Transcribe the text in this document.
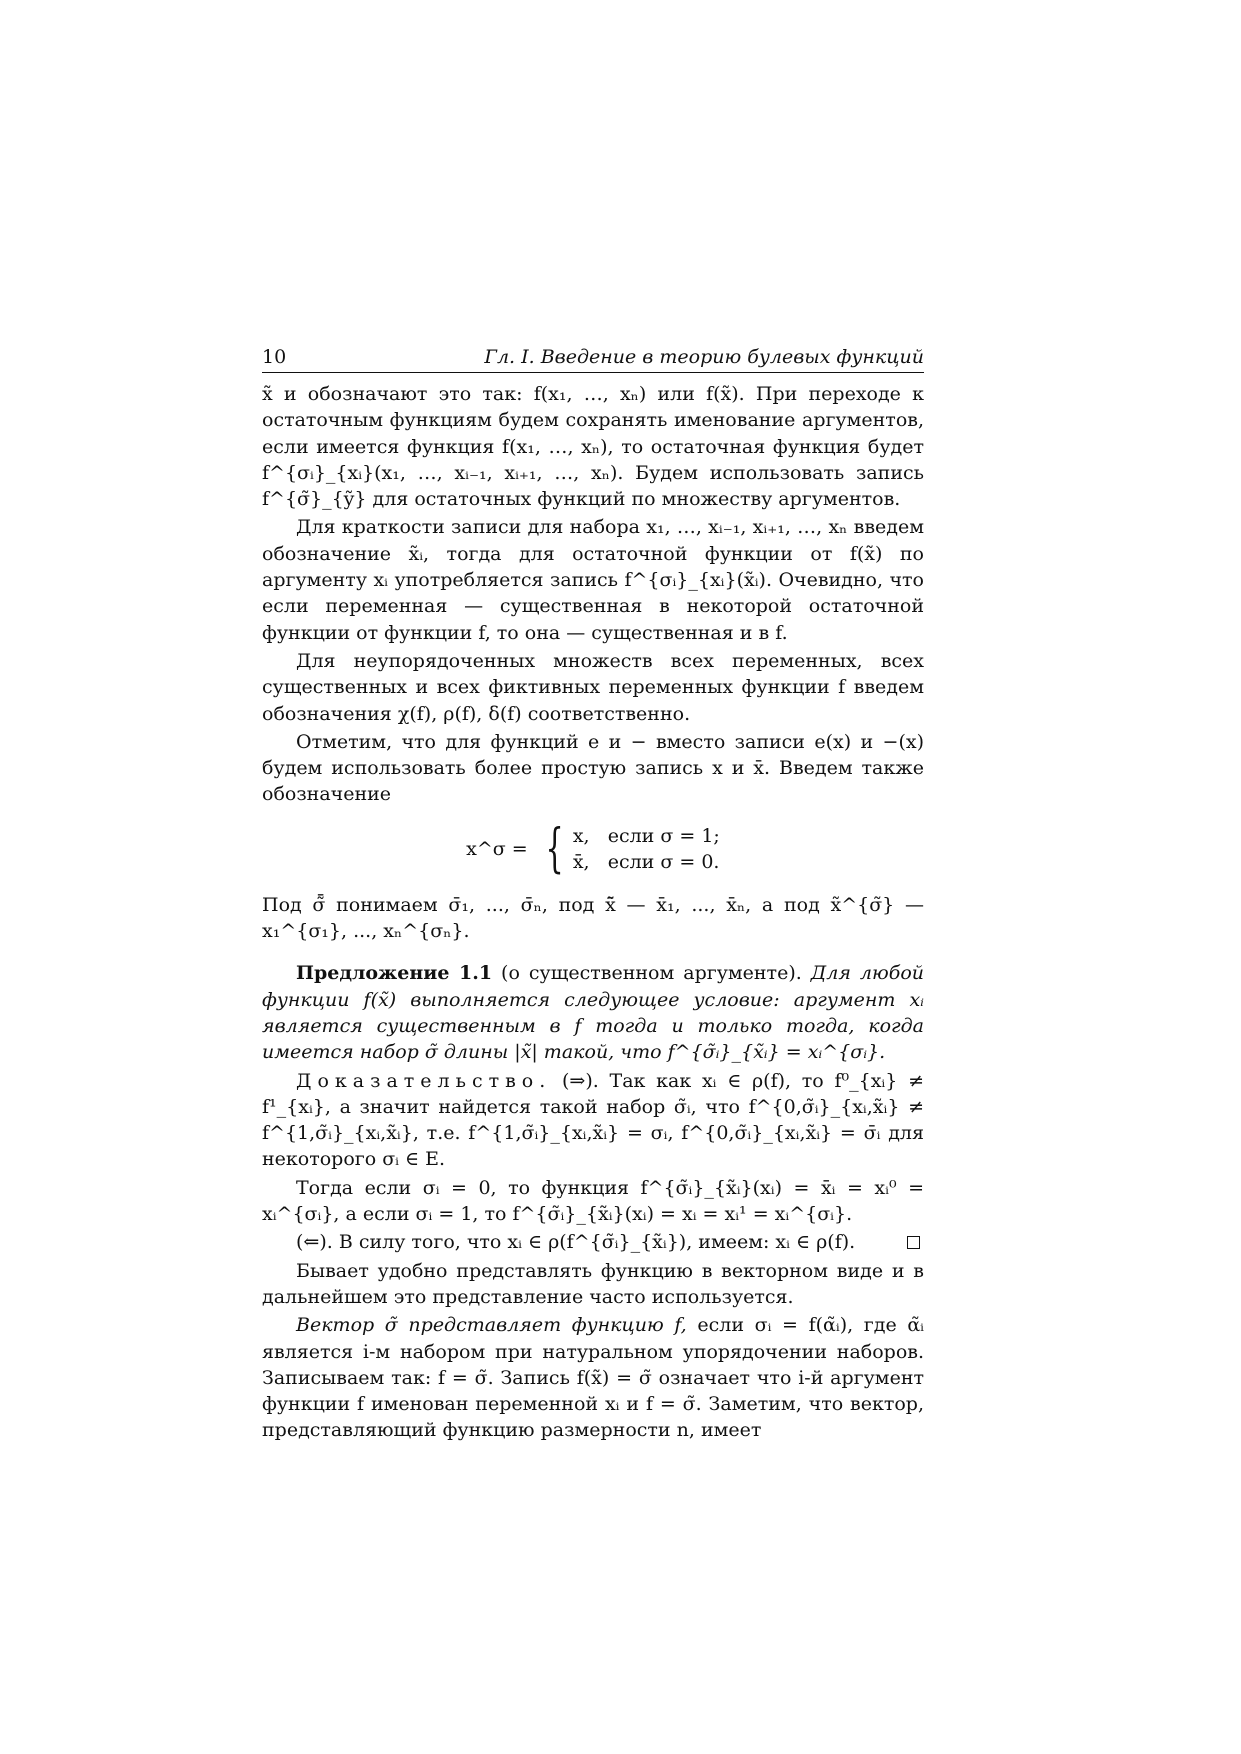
10	Гл. I. Введение в теорию булевых функций

x̃ и обозначают это так: f(x₁, …, xₙ) или f(x̃). При переходе к остаточным функциям будем сохранять именование аргументов, если имеется функция f(x₁, …, xₙ), то остаточная функция будет f^{σᵢ}_{xᵢ}(x₁, …, xᵢ₋₁, xᵢ₊₁, …, xₙ). Будем использовать запись f^{σ̃}_{ỹ} для остаточных функций по множеству аргументов.

Для краткости записи для набора x₁, …, xᵢ₋₁, xᵢ₊₁, …, xₙ введем обозначение x̃ᵢ, тогда для остаточной функции от f(x̃) по аргументу xᵢ употребляется запись f^{σᵢ}_{xᵢ}(x̃ᵢ). Очевидно, что если переменная — существенная в некоторой остаточной функции от функции f, то она — существенная и в f.

Для неупорядоченных множеств всех переменных, всех существенных и всех фиктивных переменных функции f введем обозначения χ(f), ρ(f), δ(f) соответственно.

Отметим, что для функций e и − вместо записи e(x) и −(x) будем использовать более простую запись x и x̄. Введем также обозначение

x^σ = { x,   если σ = 1;
x̄,   если σ = 0.

Под σ̃̄ понимаем σ̄₁, ..., σ̄ₙ, под x̃̄ — x̄₁, ..., x̄ₙ, а под x̃^{σ̃} — x₁^{σ₁}, ..., xₙ^{σₙ}.

Предложение 1.1 (о существенном аргументе). Для любой функции f(x̃) выполняется следующее условие: аргумент xᵢ является существенным в f тогда и только тогда, когда имеется набор σ̃ длины |x̃| такой, что f^{σ̃ᵢ}_{x̃ᵢ} = xᵢ^{σᵢ}.

Доказательство. (⇒). Так как xᵢ ∈ ρ(f), то f⁰_{xᵢ} ≠ f¹_{xᵢ}, а значит найдется такой набор σ̃ᵢ, что f^{0,σ̃ᵢ}_{xᵢ,x̃ᵢ} ≠ f^{1,σ̃ᵢ}_{xᵢ,x̃ᵢ}, т.е. f^{1,σ̃ᵢ}_{xᵢ,x̃ᵢ} = σᵢ, f^{0,σ̃ᵢ}_{xᵢ,x̃ᵢ} = σ̄ᵢ для некоторого σᵢ ∈ E.

Тогда если σᵢ = 0, то функция f^{σ̃ᵢ}_{x̃ᵢ}(xᵢ) = x̄ᵢ = xᵢ⁰ = xᵢ^{σᵢ}, а если σᵢ = 1, то f^{σ̃ᵢ}_{x̃ᵢ}(xᵢ) = xᵢ = xᵢ¹ = xᵢ^{σᵢ}.

(⇐). В силу того, что xᵢ ∈ ρ(f^{σ̃ᵢ}_{x̃ᵢ}), имеем: xᵢ ∈ ρ(f).

Бывает удобно представлять функцию в векторном виде и в дальнейшем это представление часто используется.

Вектор σ̃ представляет функцию f, если σᵢ = f(α̃ᵢ), где α̃ᵢ является i-м набором при натуральном упорядочении наборов. Записываем так: f = σ̃. Запись f(x̃) = σ̃ означает что i-й аргумент функции f именован переменной xᵢ и f = σ̃. Заметим, что вектор, представляющий функцию размерности n, имеет
